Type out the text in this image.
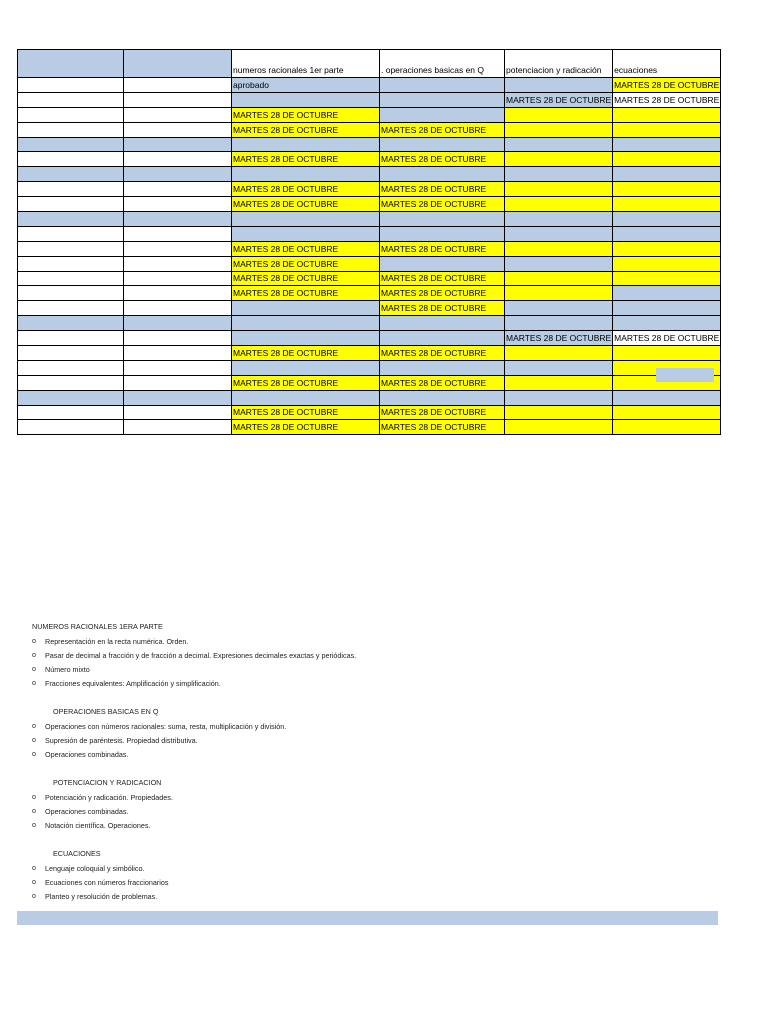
		numeros racionales 1er parte	. operaciones basicas en Q	potenciacion y radicación	ecuaciones
		aprobado			MARTES 28 DE OCTUBRE
				MARTES 28 DE OCTUBRE	MARTES 28 DE OCTUBRE
		MARTES 28 DE OCTUBRE			
		MARTES 28 DE OCTUBRE	MARTES 28 DE OCTUBRE		

		MARTES 28 DE OCTUBRE	MARTES 28 DE OCTUBRE		

		MARTES 28 DE OCTUBRE	MARTES 28 DE OCTUBRE		
		MARTES 28 DE OCTUBRE	MARTES 28 DE OCTUBRE		

		MARTES 28 DE OCTUBRE	MARTES 28 DE OCTUBRE		
		MARTES 28 DE OCTUBRE			
		MARTES 28 DE OCTUBRE	MARTES 28 DE OCTUBRE		
		MARTES 28 DE OCTUBRE	MARTES 28 DE OCTUBRE		
			MARTES 28 DE OCTUBRE		

				MARTES 28 DE OCTUBRE	MARTES 28 DE OCTUBRE
		MARTES 28 DE OCTUBRE	MARTES 28 DE OCTUBRE		

		MARTES 28 DE OCTUBRE	MARTES 28 DE OCTUBRE		

		MARTES 28 DE OCTUBRE	MARTES 28 DE OCTUBRE		
		MARTES 28 DE OCTUBRE	MARTES 28 DE OCTUBRE		

NUMEROS RACIONALES 1ERA PARTE

o Representación en la recta numérica. Orden.
o Pasar de decimal a fracción y de fracción a decimal. Expresiones decimales exactas y periódicas.
o Número mixto
o Fracciones equivalentes: Amplificación y simplificación.

OPERACIONES BASICAS EN Q

o Operaciones con números racionales: suma, resta, multiplicación y división.
o Supresión de paréntesis. Propiedad distributiva.
o Operaciones combinadas.

POTENCIACION Y RADICACION

o Potenciación y radicación. Propiedades.
o Operaciones combinadas.
o Notación científica. Operaciones.

ECUACIONES

o Lenguaje coloquial y simbólico.
o Ecuaciones con números fraccionarios
o Planteo y resolución de problemas.
